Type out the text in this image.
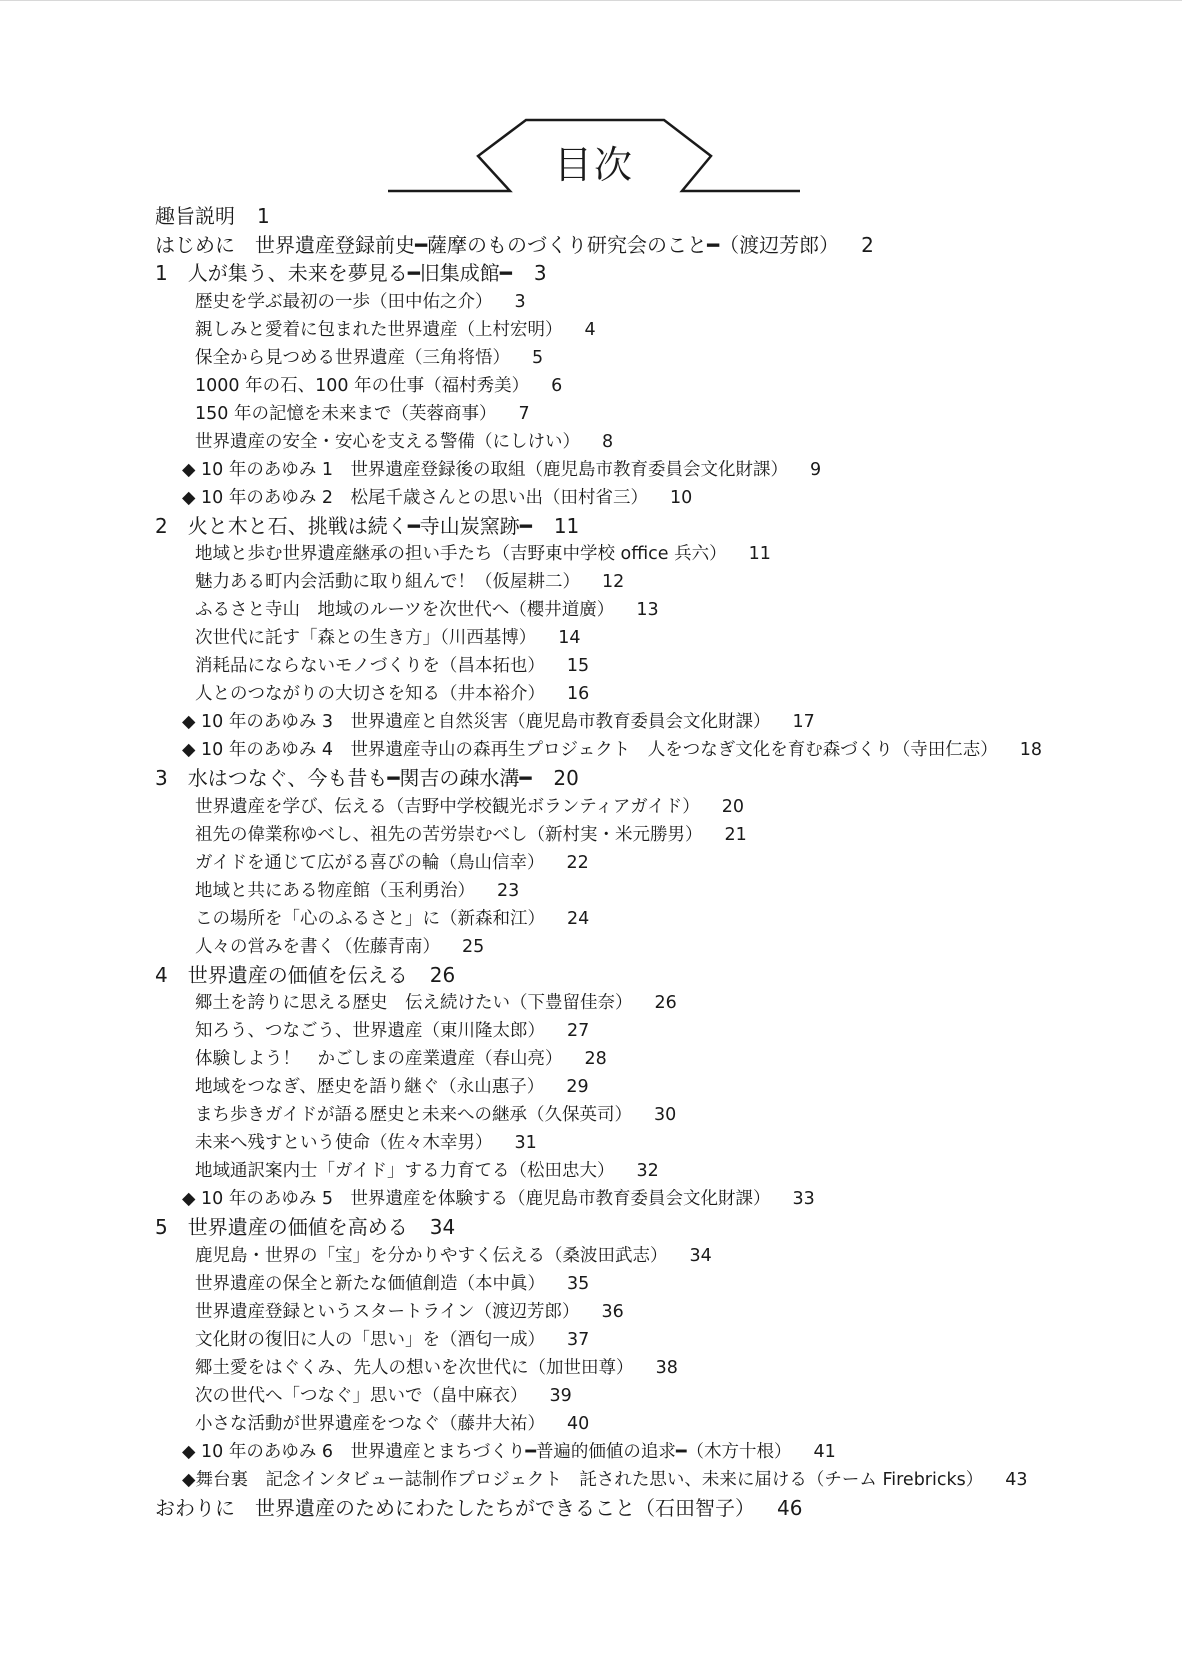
目次
趣旨説明 1
はじめに　世界遺産登録前史━薩摩のものづくり研究会のこと━（渡辺芳郎） 2
1　人が集う、未来を夢見る━旧集成館━ 3
歴史を学ぶ最初の一歩（田中佑之介） 3
親しみと愛着に包まれた世界遺産（上村宏明） 4
保全から見つめる世界遺産（三角将悟） 5
1000 年の石、100 年の仕事（福村秀美） 6
150 年の記憶を未来まで（芙蓉商事） 7
世界遺産の安全・安心を支える警備（にしけい） 8
◆ 10 年のあゆみ 1　世界遺産登録後の取組（鹿児島市教育委員会文化財課） 9
◆ 10 年のあゆみ 2　松尾千歳さんとの思い出（田村省三） 10
2　火と木と石、挑戦は続く━寺山炭窯跡━ 11
地域と歩む世界遺産継承の担い手たち（吉野東中学校 office 兵六） 11
魅力ある町内会活動に取り組んで！（仮屋耕二） 12
ふるさと寺山　地域のルーツを次世代へ（櫻井道廣） 13
次世代に託す「森との生き方」（川西基博） 14
消耗品にならないモノづくりを（昌本拓也） 15
人とのつながりの大切さを知る（井本裕介） 16
◆ 10 年のあゆみ 3　世界遺産と自然災害（鹿児島市教育委員会文化財課） 17
◆ 10 年のあゆみ 4　世界遺産寺山の森再生プロジェクト　人をつなぎ文化を育む森づくり（寺田仁志） 18
3　水はつなぐ、今も昔も━関吉の疎水溝━ 20
世界遺産を学び、伝える（吉野中学校観光ボランティアガイド） 20
祖先の偉業称ゆべし、祖先の苦労崇むべし（新村実・米元勝男） 21
ガイドを通じて広がる喜びの輪（鳥山信幸） 22
地域と共にある物産館（玉利勇治） 23
この場所を「心のふるさと」に（新森和江） 24
人々の営みを書く（佐藤青南） 25
4　世界遺産の価値を伝える 26
郷土を誇りに思える歴史　伝え続けたい（下豊留佳奈） 26
知ろう、つなごう、世界遺産（東川隆太郎） 27
体験しよう！　かごしまの産業遺産（春山亮） 28
地域をつなぎ、歴史を語り継ぐ（永山惠子） 29
まち歩きガイドが語る歴史と未来への継承（久保英司） 30
未来へ残すという使命（佐々木幸男） 31
地域通訳案内士「ガイド」する力育てる（松田忠大） 32
◆ 10 年のあゆみ 5　世界遺産を体験する（鹿児島市教育委員会文化財課） 33
5　世界遺産の価値を高める 34
鹿児島・世界の「宝」を分かりやすく伝える（桑波田武志） 34
世界遺産の保全と新たな価値創造（本中眞） 35
世界遺産登録というスタートライン（渡辺芳郎） 36
文化財の復旧に人の「思い」を（酒匂一成） 37
郷土愛をはぐくみ、先人の想いを次世代に（加世田尊） 38
次の世代へ「つなぐ」思いで（畠中麻衣） 39
小さな活動が世界遺産をつなぐ（藤井大祐） 40
◆ 10 年のあゆみ 6　世界遺産とまちづくり━普遍的価値の追求━（木方十根） 41
◆舞台裏　記念インタビュー誌制作プロジェクト　託された思い、未来に届ける（チーム Firebricks） 43
おわりに　世界遺産のためにわたしたちができること（石田智子） 46
